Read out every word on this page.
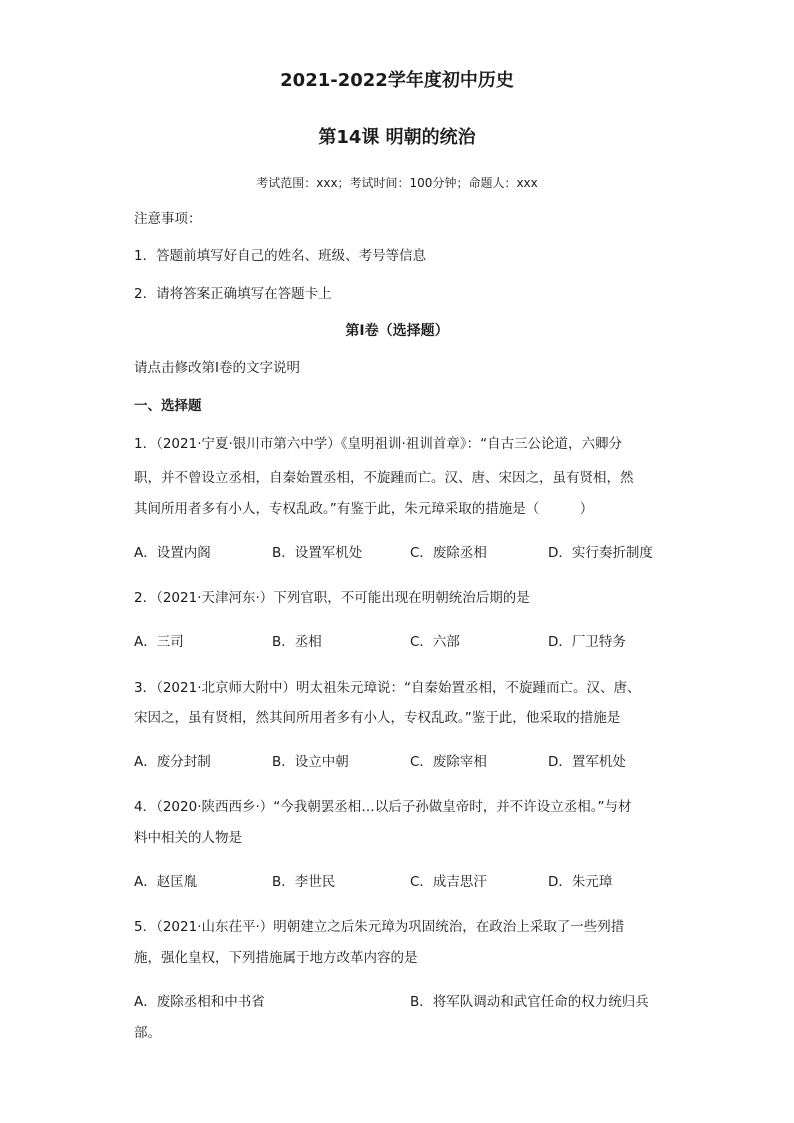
2021-2022学年度初中历史
第14课 明朝的统治
考试范围：xxx；考试时间：100分钟；命题人：xxx
注意事项：
1．答题前填写好自己的姓名、班级、考号等信息
2．请将答案正确填写在答题卡上
第I卷（选择题）
请点击修改第I卷的文字说明
一、选择题
1．（2021·宁夏·银川市第六中学）《皇明祖训·祖训首章》：“自古三公论道，六卿分
职，并不曾设立丞相，自秦始置丞相，不旋踵而亡。汉、唐、宋因之，虽有贤相，然
其间所用者多有小人，专权乱政。”有鉴于此，朱元璋采取的措施是（　　　）
A．设置内阁	B．设置军机处	C．废除丞相	D．实行奏折制度
2．（2021·天津河东·）下列官职，不可能出现在明朝统治后期的是
A．三司	B．丞相	C．六部	D．厂卫特务
3．（2021·北京师大附中）明太祖朱元璋说：“自秦始置丞相，不旋踵而亡。汉、唐、
宋因之，虽有贤相，然其间所用者多有小人，专权乱政。”鉴于此，他采取的措施是
A．废分封制	B．设立中朝	C．废除宰相	D．置军机处
4．（2020·陕西西乡·）“今我朝罢丞相…以后子孙做皇帝时，并不许设立丞相。”与材
料中相关的人物是
A．赵匡胤	B．李世民	C．成吉思汗	D．朱元璋
5．（2021·山东茌平·）明朝建立之后朱元璋为巩固统治，在政治上采取了一些列措
施，强化皇权，下列措施属于地方改革内容的是
A．废除丞相和中书省	B．将军队调动和武官任命的权力统归兵
部。
